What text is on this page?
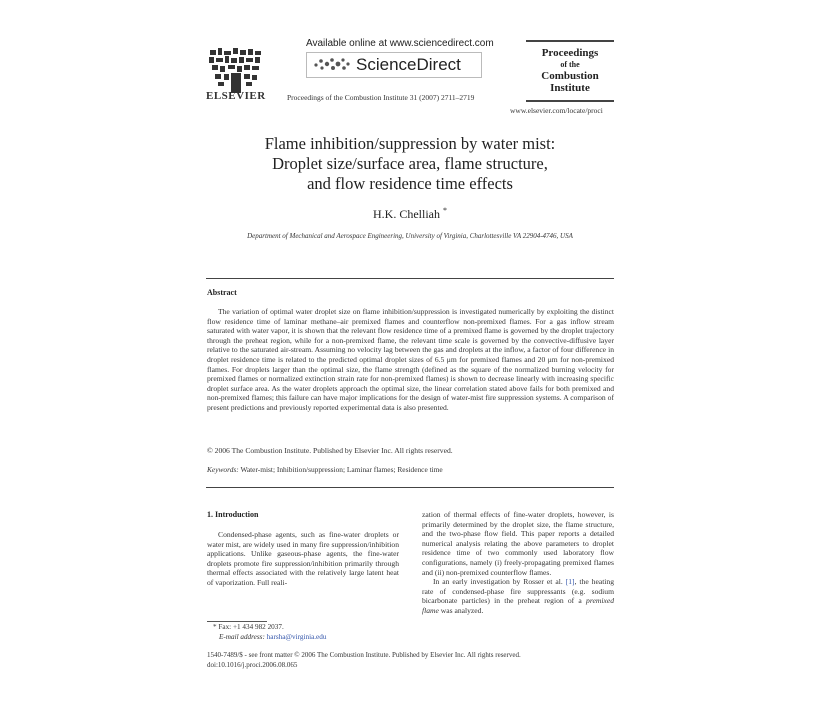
ELSEVIER
Available online at www.sciencedirect.com
ScienceDirect
Proceedings of the Combustion Institute 31 (2007) 2711–2719
Proceedings
of the
Combustion
Institute
www.elsevier.com/locate/proci
Flame inhibition/suppression by water mist:
Droplet size/surface area, flame structure,
and flow residence time effects
H.K. Chelliah *
Department of Mechanical and Aerospace Engineering, University of Virginia, Charlottesville VA 22904-4746, USA
Abstract
The variation of optimal water droplet size on flame inhibition/suppression is investigated numerically by exploiting the distinct flow residence time of laminar methane–air premixed flames and counterflow non-premixed flames. For a gas inflow stream saturated with water vapor, it is shown that the relevant flow residence time of a premixed flame is governed by the droplet trajectory through the preheat region, while for a non-premixed flame, the relevant time scale is governed by the convective-diffusive layer relative to the saturated air-stream. Assuming no velocity lag between the gas and droplets at the inflow, a factor of four difference in droplet residence time is related to the predicted optimal droplet sizes of 6.5 μm for premixed flames and 20 μm for non-premixed flames. For droplets larger than the optimal size, the flame strength (defined as the square of the normalized burning velocity for premixed flames or normalized extinction strain rate for non-premixed flames) is shown to decrease linearly with increasing specific droplet surface area. As the water droplets approach the optimal size, the linear correlation stated above fails for both premixed and non-premixed flames; this failure can have major implications for the design of water-mist fire suppression systems. A comparison of present predictions and previously reported experimental data is also presented.
© 2006 The Combustion Institute. Published by Elsevier Inc. All rights reserved.
Keywords: Water-mist; Inhibition/suppression; Laminar flames; Residence time
1. Introduction
Condensed-phase agents, such as fine-water droplets or water mist, are widely used in many fire suppression/inhibition applications. Unlike gaseous-phase agents, the fine-water droplets promote fire suppression/inhibition primarily through thermal effects associated with the relatively large latent heat of vaporization. Full reali-

zation of thermal effects of fine-water droplets, however, is primarily determined by the droplet size, the flame structure, and the two-phase flow field. This paper reports a detailed numerical analysis relating the above parameters to droplet residence time of two commonly used laboratory flow configurations, namely (i) freely-propagating premixed flames and (ii) non-premixed counterflow flames.

In an early investigation by Rosser et al. [1], the heating rate of condensed-phase fire suppressants (e.g. sodium bicarbonate particles) in the preheat region of a premixed flame was analyzed.

* Fax: +1 434 982 2037.
E-mail address: harsha@virginia.edu
1540-7489/$ - see front matter © 2006 The Combustion Institute. Published by Elsevier Inc. All rights reserved.
doi:10.1016/j.proci.2006.08.065
